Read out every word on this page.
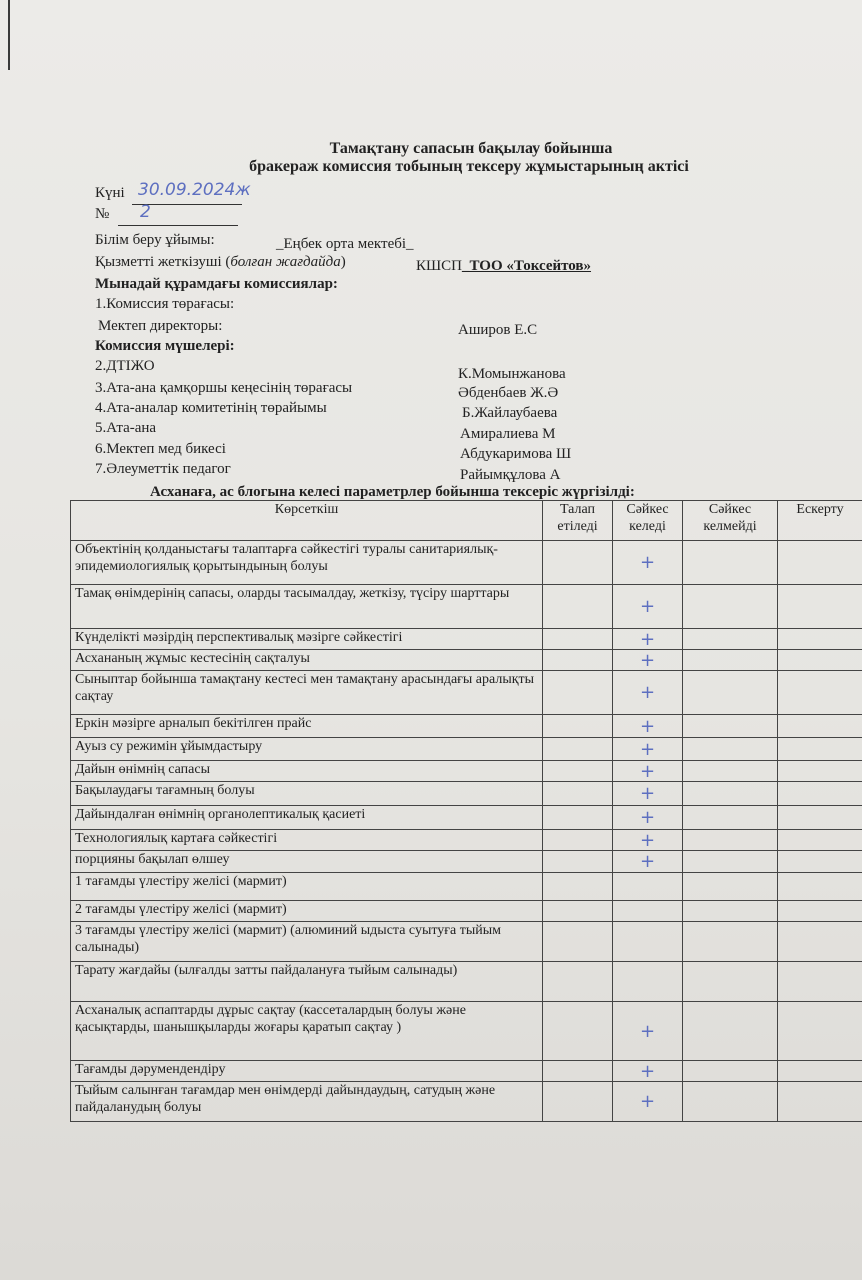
Тамақтану сапасын бақылау бойынша
бракераж комиссия тобының тексеру жұмыстарының актісі
Күні 30.09.2024ж
№ 2
Білім беру ұйымы:	_Еңбек орта мектебі_
Қызметті жеткізуші (болған жағдайда)	КШСП_ТОО «Токсейтов»
Мынадай құрамдағы комиссиялар:
1.Комиссия төрағасы:
Мектеп директоры:	Аширов Е.С
Комиссия мүшелері:
2.ДТІЖО	К.Момынжанова
3.Ата-ана қамқоршы кеңесінің төрағасы	Әбденбаев Ж.Ә
4.Ата-аналар комитетінің төрайымы	Б.Жайлаубаева
5.Ата-ана	Амиралиева М
6.Мектеп мед бикесі	Абдукаримова Ш
7.Әлеуметтік педагог	Райымқұлова А
Асханаға, ас блогына келесі параметрлер бойынша тексеріс жүргізілді:
Көрсеткіш	Талап етіледі	Сәйкес келеді	Сәйкес келмейді	Ескерту
Объектінің қолданыстағы талаптарға сәйкестігі туралы санитариялық-эпидемиологиялық қорытындының болуы		+		
Тамақ өнімдерінің сапасы, оларды тасымалдау, жеткізу, түсіру шарттары		+		
Күнделікті мәзірдің перспективалық мәзірге сәйкестігі		+		
Асхананың жұмыс кестесінің сақталуы		+		
Сыныптар бойынша тамақтану кестесі мен тамақтану арасындағы аралықты сақтау		+		
Еркін мәзірге арналып бекітілген прайс		+		
Ауыз су режимін ұйымдастыру		+		
Дайын өнімнің сапасы		+		
Бақылаудағы тағамның болуы		+		
Дайындалған өнімнің органолептикалық қасиеті		+		
Технологиялық картаға сәйкестігі		+		
порцияны бақылап өлшеу		+		
1 тағамды үлестіру желісі (мармит)				
2 тағамды үлестіру желісі (мармит)				
3 тағамды үлестіру желісі (мармит) (алюминий ыдыста суытуға тыйым салынады)				
Тарату жағдайы (ылғалды затты пайдалануға тыйым салынады)				
Асханалық аспаптарды дұрыс сақтау (кассеталардың болуы және қасықтарды, шанышқыларды жоғары қаратып сақтау )		+		
Тағамды дәрумендендіру		+		
Тыйым салынған тағамдар мен өнімдерді дайындаудың, сатудың және пайдаланудың болуы		+		
